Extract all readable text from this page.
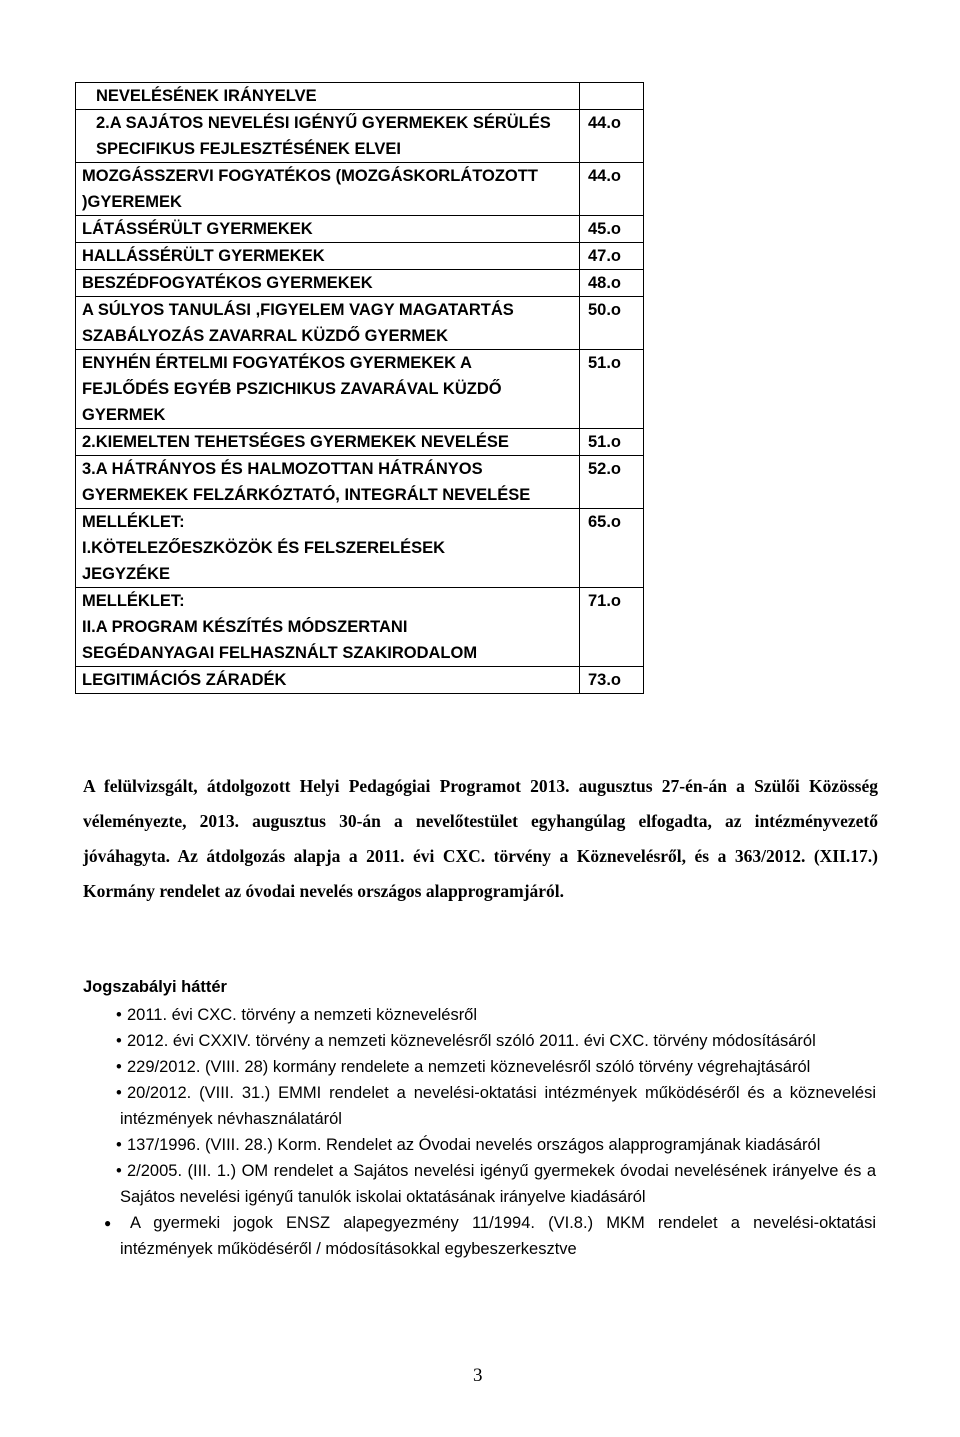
NEVELÉSÉNEK IRÁNYELVE	

2.A SAJÁTOS NEVELÉSI IGÉNYŰ GYERMEKEK SÉRÜLÉS
SPECIFIKUS FEJLESZTÉSÉNEK ELVEI	44.o

MOZGÁSSZERVI FOGYATÉKOS (MOZGÁSKORLÁTOZOTT
)GYEREMEK	44.o

LÁTÁSSÉRÜLT GYERMEKEK	45.o

HALLÁSSÉRÜLT GYERMEKEK	47.o

BESZÉDFOGYATÉKOS GYERMEKEK	48.o

A SÚLYOS TANULÁSI ,FIGYELEM VAGY MAGATARTÁS
SZABÁLYOZÁS ZAVARRAL KÜZDŐ GYERMEK	50.o

ENYHÉN ÉRTELMI FOGYATÉKOS GYERMEKEK A
FEJLŐDÉS EGYÉB PSZICHIKUS ZAVARÁVAL KÜZDŐ
GYERMEK	51.o

2.KIEMELTEN TEHETSÉGES GYERMEKEK NEVELÉSE	51.o

3.A HÁTRÁNYOS ÉS HALMOZOTTAN HÁTRÁNYOS
GYERMEKEK FELZÁRKÓZTATÓ, INTEGRÁLT NEVELÉSE	52.o

MELLÉKLET:
I.KÖTELEZŐESZKÖZÖK ÉS FELSZERELÉSEK
JEGYZÉKE	65.o

MELLÉKLET:
II.A PROGRAM KÉSZÍTÉS MÓDSZERTANI
SEGÉDANYAGAI FELHASZNÁLT SZAKIRODALOM	71.o

LEGITIMÁCIÓS ZÁRADÉK	73.o
A felülvizsgált, átdolgozott Helyi Pedagógiai Programot 2013. augusztus 27-én-án a Szülői Közösség véleményezte, 2013. augusztus 30-án a nevelőtestület egyhangúlag elfogadta, az intézményvezető jóváhagyta. Az átdolgozás alapja a 2011. évi CXC. törvény a Köznevelésről, és a 363/2012. (XII.17.) Kormány rendelet az óvodai nevelés országos alapprogramjáról.
Jogszabályi háttér
• 2011. évi CXC. törvény a nemzeti köznevelésről
• 2012. évi CXXIV. törvény a nemzeti köznevelésről szóló 2011. évi CXC. törvény módosításáról
• 229/2012. (VIII. 28) kormány rendelete a nemzeti köznevelésről szóló törvény végrehajtásáról
• 20/2012. (VIII. 31.) EMMI rendelet a nevelési-oktatási intézmények működéséről és a köznevelési intézmények névhasználatáról
• 137/1996. (VIII. 28.) Korm. Rendelet az Óvodai nevelés országos alapprogramjának kiadásáról
• 2/2005. (III. 1.) OM rendelet a Sajátos nevelési igényű gyermekek óvodai nevelésének irányelve és a Sajátos nevelési igényű tanulók iskolai oktatásának irányelve kiadásáról
● A gyermeki jogok ENSZ alapegyezmény 11/1994. (VI.8.) MKM rendelet a nevelési-oktatási intézmények működéséről / módosításokkal egybeszerkesztve
3
